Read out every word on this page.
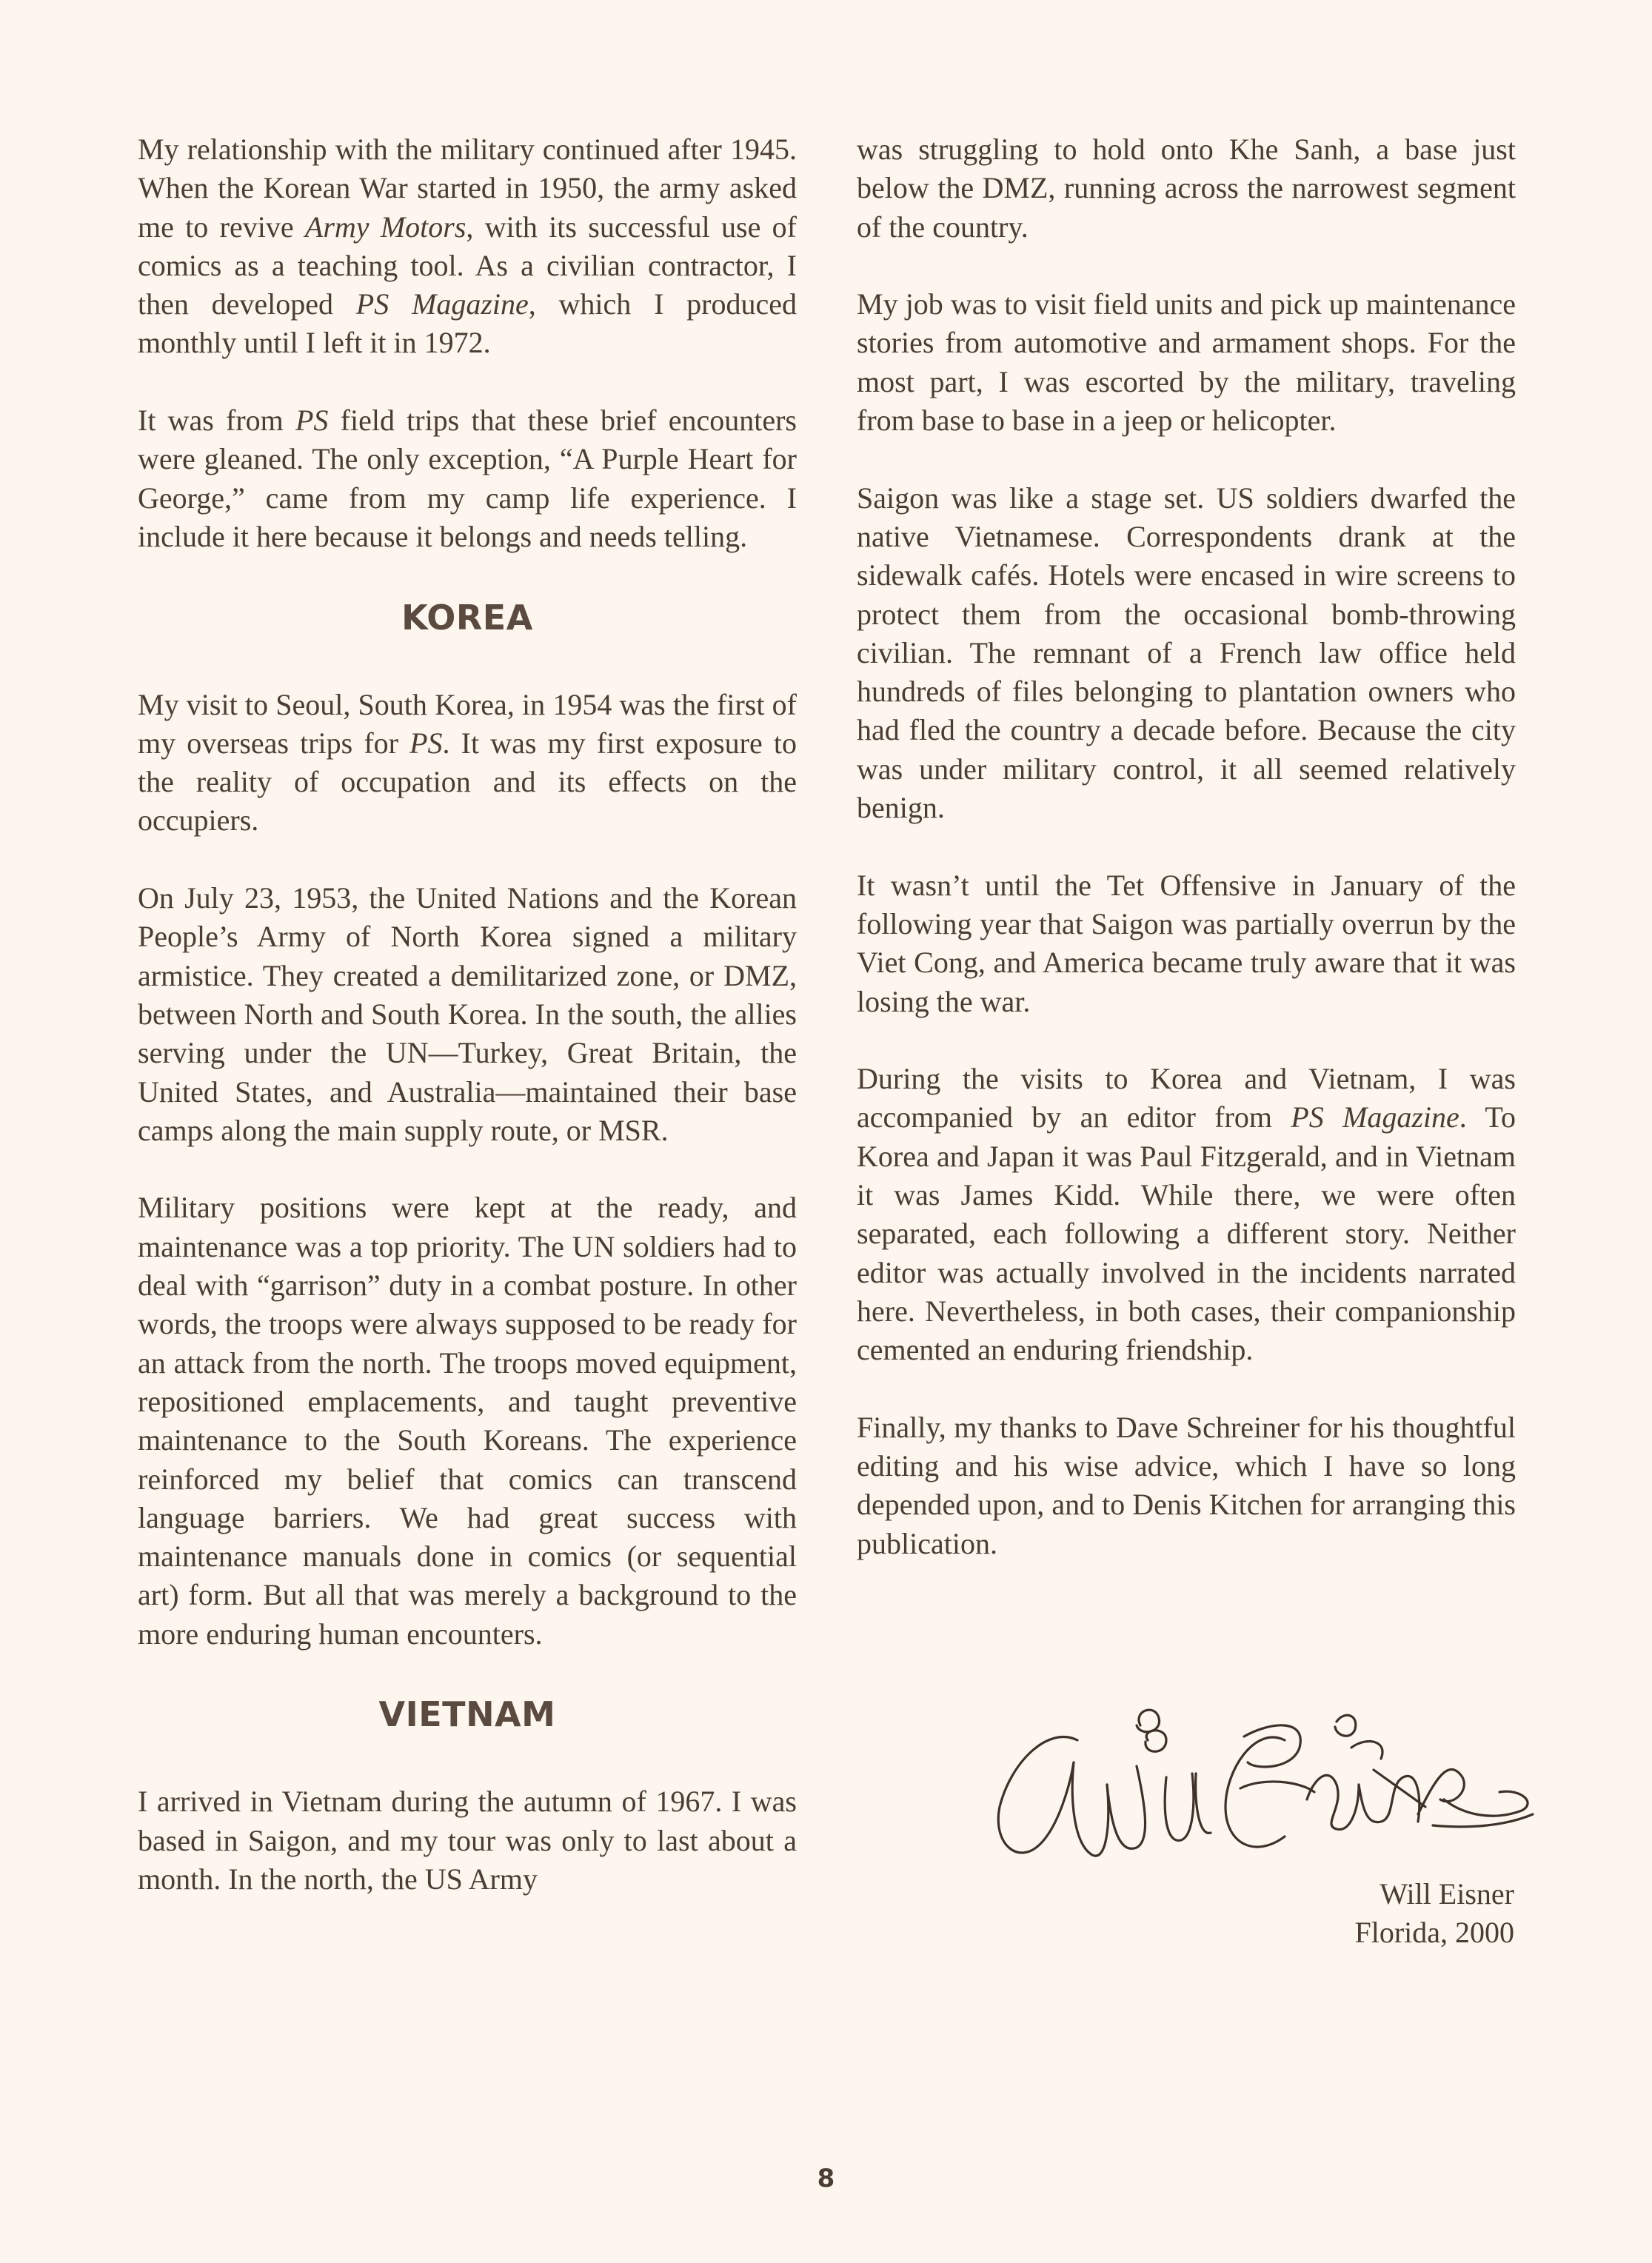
My relationship with the military continued after 1945. When the Korean War started in 1950, the army asked me to revive Army Motors, with its successful use of comics as a teaching tool. As a civilian contractor, I then developed PS Magazine, which I produced monthly until I left it in 1972.

It was from PS field trips that these brief encounters were gleaned. The only exception, “A Purple Heart for George,” came from my camp life experience. I include it here because it belongs and needs telling.

KOREA

My visit to Seoul, South Korea, in 1954 was the first of my overseas trips for PS. It was my first exposure to the reality of occupation and its effects on the occupiers.

On July 23, 1953, the United Nations and the Korean People’s Army of North Korea signed a military armistice. They created a demilitarized zone, or DMZ, between North and South Korea. In the south, the allies serving under the UN—Turkey, Great Britain, the United States, and Australia—maintained their base camps along the main supply route, or MSR.

Military positions were kept at the ready, and maintenance was a top priority. The UN soldiers had to deal with “garrison” duty in a combat posture. In other words, the troops were always supposed to be ready for an attack from the north. The troops moved equipment, repositioned emplacements, and taught preventive maintenance to the South Koreans. The experience reinforced my belief that comics can transcend language barriers. We had great success with maintenance manuals done in comics (or sequential art) form. But all that was merely a background to the more enduring human encounters.

VIETNAM

I arrived in Vietnam during the autumn of 1967. I was based in Saigon, and my tour was only to last about a month. In the north, the US Army

was struggling to hold onto Khe Sanh, a base just below the DMZ, running across the narrowest segment of the country.

My job was to visit field units and pick up maintenance stories from automotive and armament shops. For the most part, I was escorted by the military, traveling from base to base in a jeep or helicopter.

Saigon was like a stage set. US soldiers dwarfed the native Vietnamese. Correspondents drank at the sidewalk cafés. Hotels were encased in wire screens to protect them from the occasional bomb-throwing civilian. The remnant of a French law office held hundreds of files belonging to plantation owners who had fled the country a decade before. Because the city was under military control, it all seemed relatively benign.

It wasn’t until the Tet Offensive in January of the following year that Saigon was partially overrun by the Viet Cong, and America became truly aware that it was losing the war.

During the visits to Korea and Vietnam, I was accompanied by an editor from PS Magazine. To Korea and Japan it was Paul Fitzgerald, and in Vietnam it was James Kidd. While there, we were often separated, each following a different story. Neither editor was actually involved in the incidents narrated here. Nevertheless, in both cases, their companionship cemented an enduring friendship.

Finally, my thanks to Dave Schreiner for his thoughtful editing and his wise advice, which I have so long depended upon, and to Denis Kitchen for arranging this publication.

Will Eisner
Florida, 2000
8
